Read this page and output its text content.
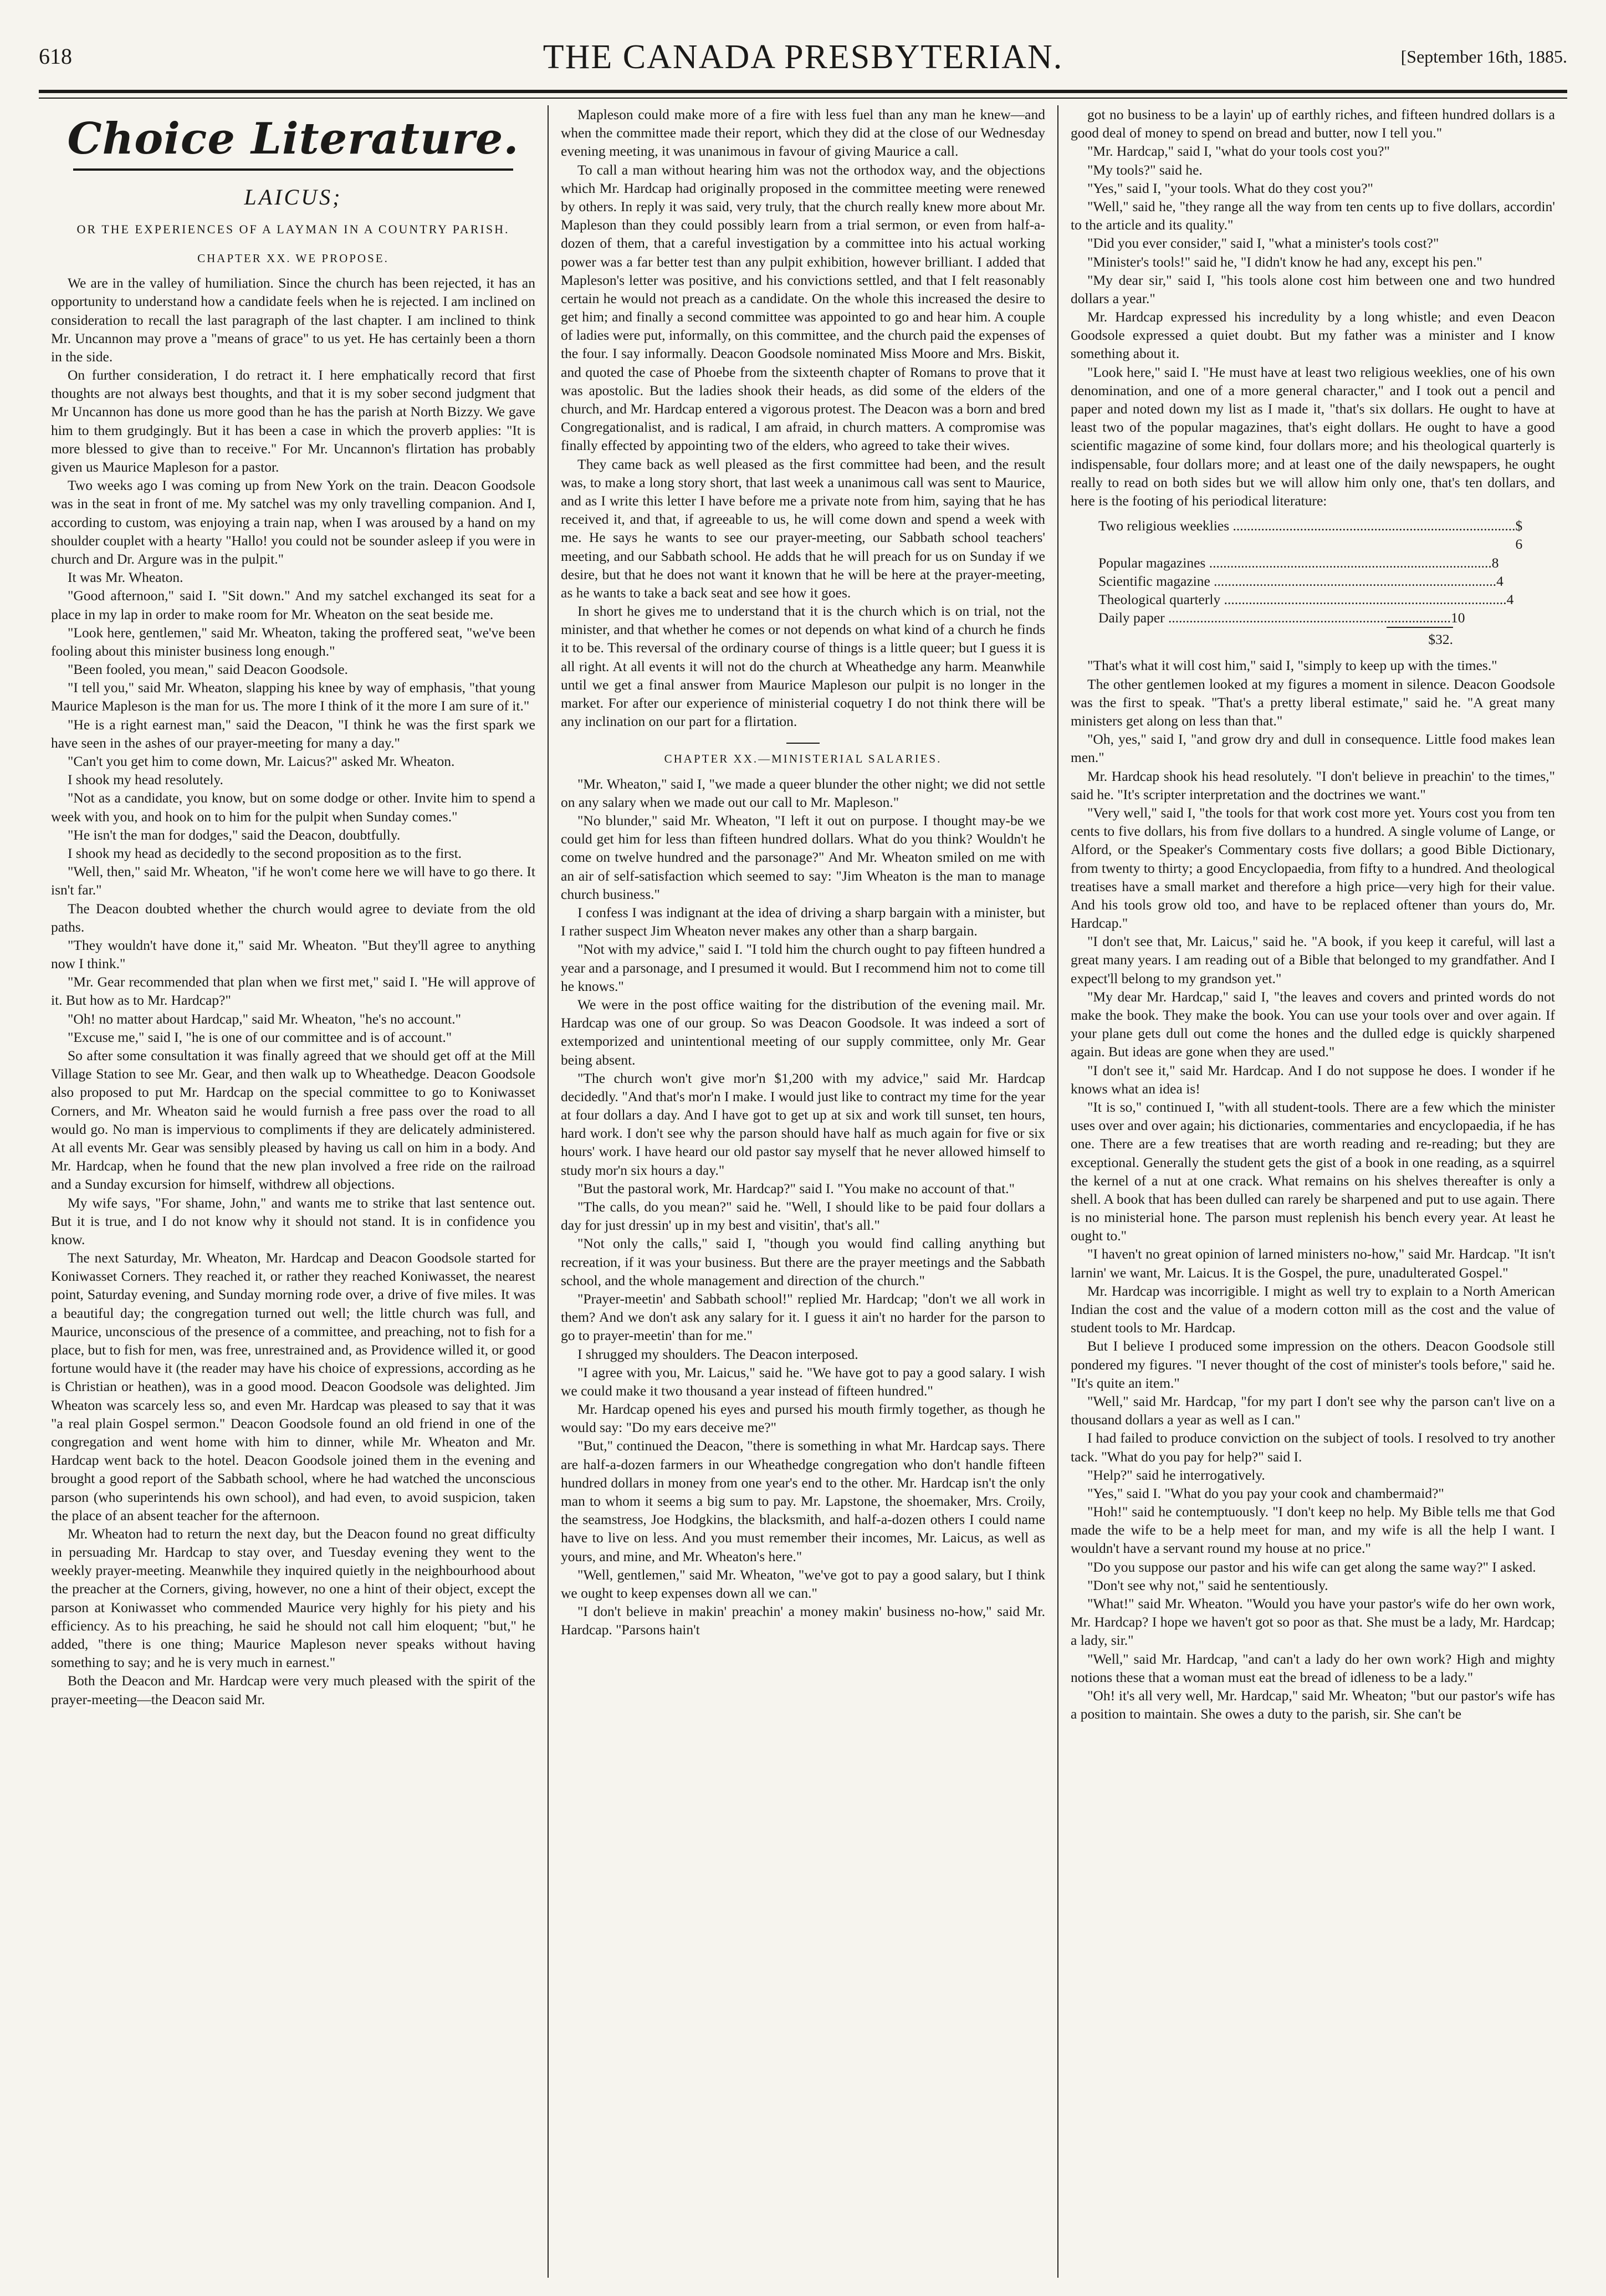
618	THE CANADA PRESBYTERIAN.	[September 16th, 1885.
Choice Literature.
LAICUS;
OR THE EXPERIENCES OF A LAYMAN IN A COUNTRY PARISH.
CHAPTER XX. WE PROPOSE.

We are in the valley of humiliation. Since the church has been rejected, it has an opportunity to understand how a candidate feels when he is rejected. I am inclined on consideration to recall the last paragraph of the last chapter. I am inclined to think Mr. Uncannon may prove a "means of grace" to us yet. He has certainly been a thorn in the side.

On further consideration, I do retract it. I here emphatically record that first thoughts are not always best thoughts, and that it is my sober second judgment that Mr Uncannon has done us more good than he has the parish at North Bizzy. We gave him to them grudgingly. But it has been a case in which the proverb applies: "It is more blessed to give than to receive." For Mr. Uncannon's flirtation has probably given us Maurice Mapleson for a pastor.

Two weeks ago I was coming up from New York on the train. Deacon Goodsole was in the seat in front of me. My satchel was my only travelling companion. And I, according to custom, was enjoying a train nap, when I was aroused by a hand on my shoulder couplet with a hearty "Hallo! you could not be sounder asleep if you were in church and Dr. Argure was in the pulpit."

It was Mr. Wheaton.

"Good afternoon," said I. "Sit down." And my satchel exchanged its seat for a place in my lap in order to make room for Mr. Wheaton on the seat beside me.

"Look here, gentlemen," said Mr. Wheaton, taking the proffered seat, "we've been fooling about this minister business long enough."

"Been fooled, you mean," said Deacon Goodsole.

"I tell you," said Mr. Wheaton, slapping his knee by way of emphasis, "that young Maurice Mapleson is the man for us. The more I think of it the more I am sure of it."

"He is a right earnest man," said the Deacon, "I think he was the first spark we have seen in the ashes of our prayer-meeting for many a day."

"Can't you get him to come down, Mr. Laicus?" asked Mr. Wheaton.

I shook my head resolutely.

"Not as a candidate, you know, but on some dodge or other. Invite him to spend a week with you, and hook on to him for the pulpit when Sunday comes."

"He isn't the man for dodges," said the Deacon, doubtfully.

I shook my head as decidedly to the second proposition as to the first.

"Well, then," said Mr. Wheaton, "if he won't come here we will have to go there. It isn't far."

The Deacon doubted whether the church would agree to deviate from the old paths.

"They wouldn't have done it," said Mr. Wheaton. "But they'll agree to anything now I think."

"Mr. Gear recommended that plan when we first met," said I. "He will approve of it. But how as to Mr. Hardcap?"

"Oh! no matter about Hardcap," said Mr. Wheaton, "he's no account."

"Excuse me," said I, "he is one of our committee and is of account."

So after some consultation it was finally agreed that we should get off at the Mill Village Station to see Mr. Gear, and then walk up to Wheathedge. Deacon Goodsole also proposed to put Mr. Hardcap on the special committee to go to Koniwasset Corners, and Mr. Wheaton said he would furnish a free pass over the road to all would go. No man is impervious to compliments if they are delicately administered. At all events Mr. Gear was sensibly pleased by having us call on him in a body. And Mr. Hardcap, when he found that the new plan involved a free ride on the railroad and a Sunday excursion for himself, withdrew all objections.

My wife says, "For shame, John," and wants me to strike that last sentence out. But it is true, and I do not know why it should not stand. It is in confidence you know.

The next Saturday, Mr. Wheaton, Mr. Hardcap and Deacon Goodsole started for Koniwasset Corners. They reached it, or rather they reached Koniwasset, the nearest point, Saturday evening, and Sunday morning rode over, a drive of five miles. It was a beautiful day; the congregation turned out well; the little church was full, and Maurice, unconscious of the presence of a committee, and preaching, not to fish for a place, but to fish for men, was free, unrestrained and, as Providence willed it, or good fortune would have it (the reader may have his choice of expressions, according as he is Christian or heathen), was in a good mood. Deacon Goodsole was delighted. Jim Wheaton was scarcely less so, and even Mr. Hardcap was pleased to say that it was "a real plain Gospel sermon." Deacon Goodsole found an old friend in one of the congregation and went home with him to dinner, while Mr. Wheaton and Mr. Hardcap went back to the hotel. Deacon Goodsole joined them in the evening and brought a good report of the Sabbath school, where he had watched the unconscious parson (who superintends his own school), and had even, to avoid suspicion, taken the place of an absent teacher for the afternoon.

Mr. Wheaton had to return the next day, but the Deacon found no great difficulty in persuading Mr. Hardcap to stay over, and Tuesday evening they went to the weekly prayer-meeting. Meanwhile they inquired quietly in the neighbourhood about the preacher at the Corners, giving, however, no one a hint of their object, except the parson at Koniwasset who commended Maurice very highly for his piety and his efficiency. As to his preaching, he said he should not call him eloquent; "but," he added, "there is one thing; Maurice Mapleson never speaks without having something to say; and he is very much in earnest."

Both the Deacon and Mr. Hardcap were very much pleased with the spirit of the prayer-meeting—the Deacon said Mr.

Mapleson could make more of a fire with less fuel than any man he knew—and when the committee made their report, which they did at the close of our Wednesday evening meeting, it was unanimous in favour of giving Maurice a call.

To call a man without hearing him was not the orthodox way, and the objections which Mr. Hardcap had originally proposed in the committee meeting were renewed by others. In reply it was said, very truly, that the church really knew more about Mr. Mapleson than they could possibly learn from a trial sermon, or even from half-a-dozen of them, that a careful investigation by a committee into his actual working power was a far better test than any pulpit exhibition, however brilliant. I added that Mapleson's letter was positive, and his convictions settled, and that I felt reasonably certain he would not preach as a candidate. On the whole this increased the desire to get him; and finally a second committee was appointed to go and hear him. A couple of ladies were put, informally, on this committee, and the church paid the expenses of the four. I say informally. Deacon Goodsole nominated Miss Moore and Mrs. Biskit, and quoted the case of Phoebe from the sixteenth chapter of Romans to prove that it was apostolic. But the ladies shook their heads, as did some of the elders of the church, and Mr. Hardcap entered a vigorous protest. The Deacon was a born and bred Congregationalist, and is radical, I am afraid, in church matters. A compromise was finally effected by appointing two of the elders, who agreed to take their wives.

They came back as well pleased as the first committee had been, and the result was, to make a long story short, that last week a unanimous call was sent to Maurice, and as I write this letter I have before me a private note from him, saying that he has received it, and that, if agreeable to us, he will come down and spend a week with me. He says he wants to see our prayer-meeting, our Sabbath school teachers' meeting, and our Sabbath school. He adds that he will preach for us on Sunday if we desire, but that he does not want it known that he will be here at the prayer-meeting, as he wants to take a back seat and see how it goes.

In short he gives me to understand that it is the church which is on trial, not the minister, and that whether he comes or not depends on what kind of a church he finds it to be. This reversal of the ordinary course of things is a little queer; but I guess it is all right. At all events it will not do the church at Wheathedge any harm. Meanwhile until we get a final answer from Maurice Mapleson our pulpit is no longer in the market. For after our experience of ministerial coquetry I do not think there will be any inclination on our part for a flirtation.

CHAPTER XX.—MINISTERIAL SALARIES.

"Mr. Wheaton," said I, "we made a queer blunder the other night; we did not settle on any salary when we made out our call to Mr. Mapleson."

"No blunder," said Mr. Wheaton, "I left it out on purpose. I thought may-be we could get him for less than fifteen hundred dollars. What do you think? Wouldn't he come on twelve hundred and the parsonage?" And Mr. Wheaton smiled on me with an air of self-satisfaction which seemed to say: "Jim Wheaton is the man to manage church business."

I confess I was indignant at the idea of driving a sharp bargain with a minister, but I rather suspect Jim Wheaton never makes any other than a sharp bargain.

"Not with my advice," said I. "I told him the church ought to pay fifteen hundred a year and a parsonage, and I presumed it would. But I recommend him not to come till he knows."

We were in the post office waiting for the distribution of the evening mail. Mr. Hardcap was one of our group. So was Deacon Goodsole. It was indeed a sort of extemporized and unintentional meeting of our supply committee, only Mr. Gear being absent.

"The church won't give mor'n $1,200 with my advice," said Mr. Hardcap decidedly. "And that's mor'n I make. I would just like to contract my time for the year at four dollars a day. And I have got to get up at six and work till sunset, ten hours, hard work. I don't see why the parson should have half as much again for five or six hours' work. I have heard our old pastor say myself that he never allowed himself to study mor'n six hours a day."

"But the pastoral work, Mr. Hardcap?" said I. "You make no account of that."

"The calls, do you mean?" said he. "Well, I should like to be paid four dollars a day for just dressin' up in my best and visitin', that's all."

"Not only the calls," said I, "though you would find calling anything but recreation, if it was your business. But there are the prayer meetings and the Sabbath school, and the whole management and direction of the church."

"Prayer-meetin' and Sabbath school!" replied Mr. Hardcap; "don't we all work in them? And we don't ask any salary for it. I guess it ain't no harder for the parson to go to prayer-meetin' than for me."

I shrugged my shoulders. The Deacon interposed.

"I agree with you, Mr. Laicus," said he. "We have got to pay a good salary. I wish we could make it two thousand a year instead of fifteen hundred."

Mr. Hardcap opened his eyes and pursed his mouth firmly together, as though he would say: "Do my ears deceive me?"

"But," continued the Deacon, "there is something in what Mr. Hardcap says. There are half-a-dozen farmers in our Wheathedge congregation who don't handle fifteen hundred dollars in money from one year's end to the other. Mr. Hardcap isn't the only man to whom it seems a big sum to pay. Mr. Lapstone, the shoemaker, Mrs. Croily, the seamstress, Joe Hodgkins, the blacksmith, and half-a-dozen others I could name have to live on less. And you must remember their incomes, Mr. Laicus, as well as yours, and mine, and Mr. Wheaton's here."

"Well, gentlemen," said Mr. Wheaton, "we've got to pay a good salary, but I think we ought to keep expenses down all we can."

"I don't believe in makin' preachin' a money makin' business no-how," said Mr. Hardcap. "Parsons hain't

got no business to be a layin' up of earthly riches, and fifteen hundred dollars is a good deal of money to spend on bread and butter, now I tell you."

"Mr. Hardcap," said I, "what do your tools cost you?"

"My tools?" said he.

"Yes," said I, "your tools. What do they cost you?"

"Well," said he, "they range all the way from ten cents up to five dollars, accordin' to the article and its quality."

"Did you ever consider," said I, "what a minister's tools cost?"

"Minister's tools!" said he, "I didn't know he had any, except his pen."

"My dear sir," said I, "his tools alone cost him between one and two hundred dollars a year."

Mr. Hardcap expressed his incredulity by a long whistle; and even Deacon Goodsole expressed a quiet doubt. But my father was a minister and I know something about it.

"Look here," said I. "He must have at least two religious weeklies, one of his own denomination, and one of a more general character," and I took out a pencil and paper and noted down my list as I made it, "that's six dollars. He ought to have at least two of the popular magazines, that's eight dollars. He ought to have a good scientific magazine of some kind, four dollars more; and his theological quarterly is indispensable, four dollars more; and at least one of the daily newspapers, he ought really to read on both sides but we will allow him only one, that's ten dollars, and here is the footing of his periodical literature:

Two religious weeklies ................................................................................ $ 6
Popular magazines ................................................................................ 8
Scientific magazine ................................................................................ 4
Theological quarterly ................................................................................ 4
Daily paper ................................................................................ 10
$32.

"That's what it will cost him," said I, "simply to keep up with the times."

The other gentlemen looked at my figures a moment in silence. Deacon Goodsole was the first to speak. "That's a pretty liberal estimate," said he. "A great many ministers get along on less than that."

"Oh, yes," said I, "and grow dry and dull in consequence. Little food makes lean men."

Mr. Hardcap shook his head resolutely. "I don't believe in preachin' to the times," said he. "It's scripter interpretation and the doctrines we want."

"Very well," said I, "the tools for that work cost more yet. Yours cost you from ten cents to five dollars, his from five dollars to a hundred. A single volume of Lange, or Alford, or the Speaker's Commentary costs five dollars; a good Bible Dictionary, from twenty to thirty; a good Encyclopaedia, from fifty to a hundred. And theological treatises have a small market and therefore a high price—very high for their value. And his tools grow old too, and have to be replaced oftener than yours do, Mr. Hardcap."

"I don't see that, Mr. Laicus," said he. "A book, if you keep it careful, will last a great many years. I am reading out of a Bible that belonged to my grandfather. And I expect'll belong to my grandson yet."

"My dear Mr. Hardcap," said I, "the leaves and covers and printed words do not make the book. They make the book. You can use your tools over and over again. If your plane gets dull out come the hones and the dulled edge is quickly sharpened again. But ideas are gone when they are used."

"I don't see it," said Mr. Hardcap. And I do not suppose he does. I wonder if he knows what an idea is!

"It is so," continued I, "with all student-tools. There are a few which the minister uses over and over again; his dictionaries, commentaries and encyclopaedia, if he has one. There are a few treatises that are worth reading and re-reading; but they are exceptional. Generally the student gets the gist of a book in one reading, as a squirrel the kernel of a nut at one crack. What remains on his shelves thereafter is only a shell. A book that has been dulled can rarely be sharpened and put to use again. There is no ministerial hone. The parson must replenish his bench every year. At least he ought to."

"I haven't no great opinion of larned ministers no-how," said Mr. Hardcap. "It isn't larnin' we want, Mr. Laicus. It is the Gospel, the pure, unadulterated Gospel."

Mr. Hardcap was incorrigible. I might as well try to explain to a North American Indian the cost and the value of a modern cotton mill as the cost and the value of student tools to Mr. Hardcap.

But I believe I produced some impression on the others. Deacon Goodsole still pondered my figures. "I never thought of the cost of minister's tools before," said he. "It's quite an item."

"Well," said Mr. Hardcap, "for my part I don't see why the parson can't live on a thousand dollars a year as well as I can."

I had failed to produce conviction on the subject of tools. I resolved to try another tack. "What do you pay for help?" said I.

"Help?" said he interrogatively.

"Yes," said I. "What do you pay your cook and chambermaid?"

"Hoh!" said he contemptuously. "I don't keep no help. My Bible tells me that God made the wife to be a help meet for man, and my wife is all the help I want. I wouldn't have a servant round my house at no price."

"Do you suppose our pastor and his wife can get along the same way?" I asked.

"Don't see why not," said he sententiously.

"What!" said Mr. Wheaton. "Would you have your pastor's wife do her own work, Mr. Hardcap? I hope we haven't got so poor as that. She must be a lady, Mr. Hardcap; a lady, sir."

"Well," said Mr. Hardcap, "and can't a lady do her own work? High and mighty notions these that a woman must eat the bread of idleness to be a lady."

"Oh! it's all very well, Mr. Hardcap," said Mr. Wheaton; "but our pastor's wife has a position to maintain. She owes a duty to the parish, sir. She can't be
